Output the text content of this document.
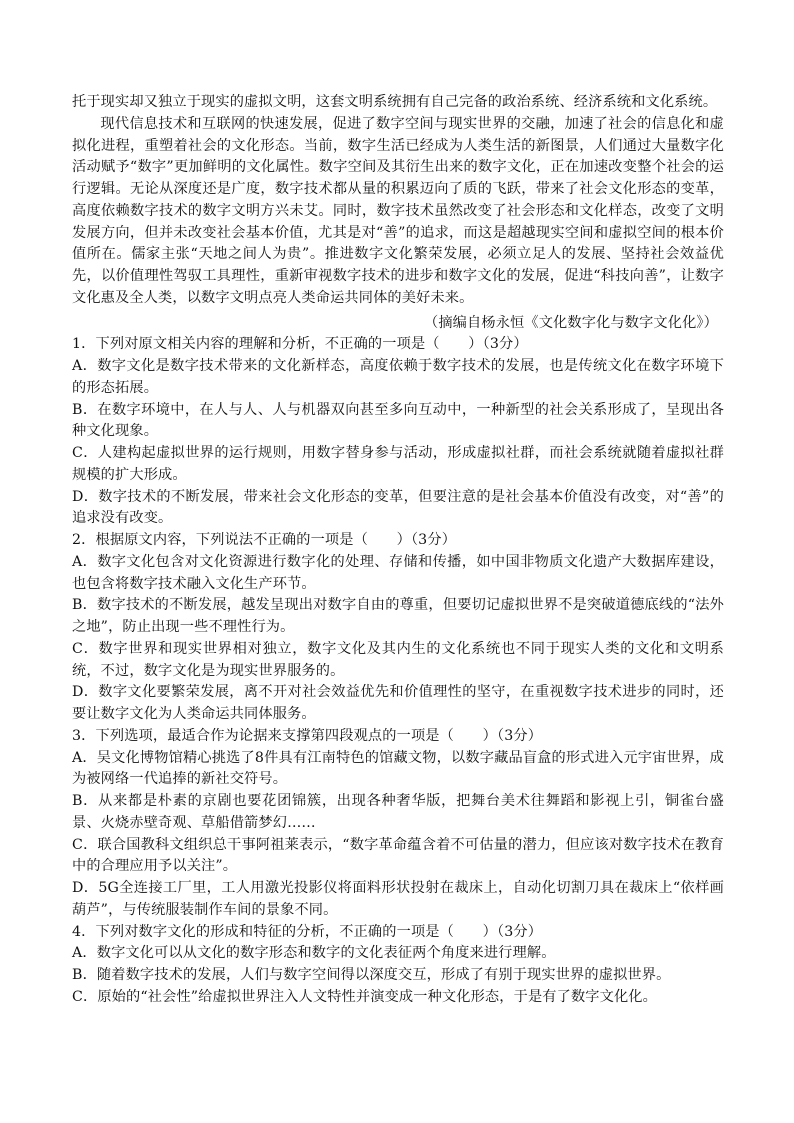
托于现实却又独立于现实的虚拟文明，这套文明系统拥有自己完备的政治系统、经济系统和文化系统。

现代信息技术和互联网的快速发展，促进了数字空间与现实世界的交融，加速了社会的信息化和虚拟化进程，重塑着社会的文化形态。当前，数字生活已经成为人类生活的新图景，人们通过大量数字化活动赋予“数字”更加鲜明的文化属性。数字空间及其衍生出来的数字文化，正在加速改变整个社会的运行逻辑。无论从深度还是广度，数字技术都从量的积累迈向了质的飞跃，带来了社会文化形态的变革，高度依赖数字技术的数字文明方兴未艾。同时，数字技术虽然改变了社会形态和文化样态，改变了文明发展方向，但并未改变社会基本价值，尤其是对“善”的追求，而这是超越现实空间和虚拟空间的根本价值所在。儒家主张“天地之间人为贵”。推进数字文化繁荣发展，必须立足人的发展、坚持社会效益优先，以价值理性驾驭工具理性，重新审视数字技术的进步和数字文化的发展，促进“科技向善”，让数字文化惠及全人类，以数字文明点亮人类命运共同体的美好未来。

（摘编自杨永恒《文化数字化与数字文化化》）

1．下列对原文相关内容的理解和分析，不正确的一项是（　　）（3分）

A．数字文化是数字技术带来的文化新样态，高度依赖于数字技术的发展，也是传统文化在数字环境下的形态拓展。

B．在数字环境中，在人与人、人与机器双向甚至多向互动中，一种新型的社会关系形成了，呈现出各种文化现象。

C．人建构起虚拟世界的运行规则，用数字替身参与活动，形成虚拟社群，而社会系统就随着虚拟社群规模的扩大形成。

D．数字技术的不断发展，带来社会文化形态的变革，但要注意的是社会基本价值没有改变，对“善”的追求没有改变。

2．根据原文内容，下列说法不正确的一项是（　　）（3分）

A．数字文化包含对文化资源进行数字化的处理、存储和传播，如中国非物质文化遗产大数据库建设，也包含将数字技术融入文化生产环节。

B．数字技术的不断发展，越发呈现出对数字自由的尊重，但要切记虚拟世界不是突破道德底线的“法外之地”，防止出现一些不理性行为。

C．数字世界和现实世界相对独立，数字文化及其内生的文化系统也不同于现实人类的文化和文明系统，不过，数字文化是为现实世界服务的。

D．数字文化要繁荣发展，离不开对社会效益优先和价值理性的坚守，在重视数字技术进步的同时，还要让数字文化为人类命运共同体服务。

3．下列选项，最适合作为论据来支撑第四段观点的一项是（　　）（3分）

A．吴文化博物馆精心挑选了8件具有江南特色的馆藏文物，以数字藏品盲盒的形式进入元宇宙世界，成为被网络一代追捧的新社交符号。

B．从来都是朴素的京剧也要花团锦簇，出现各种奢华版，把舞台美术往舞蹈和影视上引，铜雀台盛景、火烧赤壁奇观、草船借箭梦幻……

C．联合国教科文组织总干事阿祖莱表示，“数字革命蕴含着不可估量的潜力，但应该对数字技术在教育中的合理应用予以关注”。

D．5G全连接工厂里，工人用激光投影仪将面料形状投射在裁床上，自动化切割刀具在裁床上“依样画葫芦”，与传统服装制作车间的景象不同。

4．下列对数字文化的形成和特征的分析，不正确的一项是（　　）（3分）

A．数字文化可以从文化的数字形态和数字的文化表征两个角度来进行理解。

B．随着数字技术的发展，人们与数字空间得以深度交互，形成了有别于现实世界的虚拟世界。

C．原始的“社会性”给虚拟世界注入人文特性并演变成一种文化形态，于是有了数字文化化。
